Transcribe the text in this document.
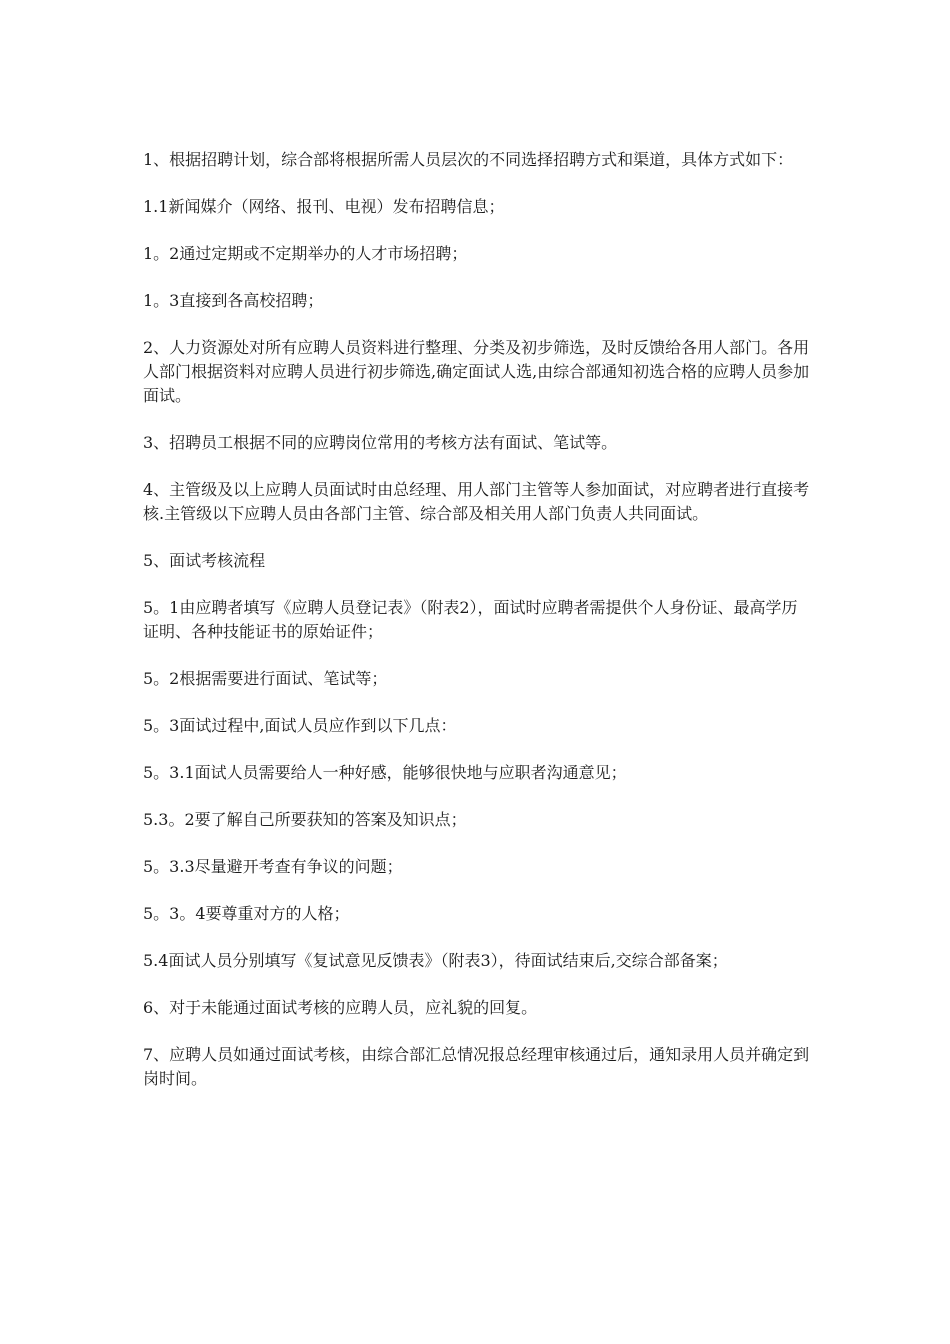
1、根据招聘计划，综合部将根据所需人员层次的不同选择招聘方式和渠道，具体方式如下：

1.1新闻媒介（网络、报刊、电视）发布招聘信息；

1。2通过定期或不定期举办的人才市场招聘；

1。3直接到各高校招聘；

2、人力资源处对所有应聘人员资料进行整理、分类及初步筛选，及时反馈给各用人部门。各用人部门根据资料对应聘人员进行初步筛选,确定面试人选,由综合部通知初选合格的应聘人员参加面试。

3、招聘员工根据不同的应聘岗位常用的考核方法有面试、笔试等。

4、主管级及以上应聘人员面试时由总经理、用人部门主管等人参加面试，对应聘者进行直接考核.主管级以下应聘人员由各部门主管、综合部及相关用人部门负责人共同面试。

5、面试考核流程

5。1由应聘者填写《应聘人员登记表》（附表2），面试时应聘者需提供个人身份证、最高学历证明、各种技能证书的原始证件；

5。2根据需要进行面试、笔试等；

5。3面试过程中,面试人员应作到以下几点：

5。3.1面试人员需要给人一种好感，能够很快地与应职者沟通意见；

5.3。2要了解自己所要获知的答案及知识点；

5。3.3尽量避开考查有争议的问题；

5。3。4要尊重对方的人格；

5.4面试人员分别填写《复试意见反馈表》（附表3），待面试结束后,交综合部备案；

6、对于未能通过面试考核的应聘人员，应礼貌的回复。

7、应聘人员如通过面试考核，由综合部汇总情况报总经理审核通过后，通知录用人员并确定到岗时间。
